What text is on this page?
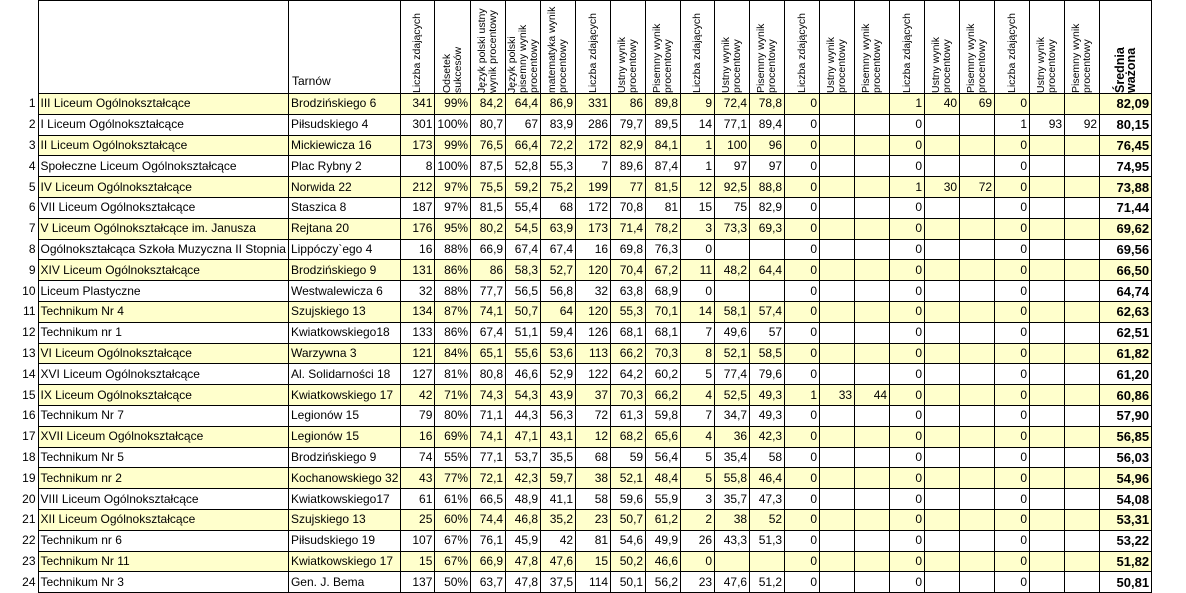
		Tarnów	Liczba zdających	Odsetek sukcesów	Język polski ustny wynik procentowy	Język polski pisemny wynik procentowy	matematyka wynik procentowy	Liczba zdających	Ustny wynik procentowy	Pisemny wynik procentowy	Liczba zdających	Ustny wynik procentowy	Pisemny wynik procentowy	Liczba zdających	Ustny wynik procentowy	Pisemny wynik procentowy	Liczba zdających	Ustny wynik procentowy	Pisemny wynik procentowy	Liczba zdających	Ustny wynik procentowy	Pisemny wynik procentowy	Średnia ważona

1	III Liceum Ogólnokształcące	Brodzińskiego 6	341	99%	84,2	64,4	86,9	331	86	89,8	9	72,4	78,8	0			1	40	69	0			82,09
2	I Liceum Ogólnokształcące	Piłsudskiego 4	301	100%	80,7	67	83,9	286	79,7	89,5	14	77,1	89,4	0			0			1	93	92	80,15
3	II Liceum Ogólnokształcące	Mickiewicza 16	173	99%	76,5	66,4	72,2	172	82,9	84,1	1	100	96	0			0			0			76,45
4	Społeczne Liceum Ogólnokształcące	Plac Rybny 2	8	100%	87,5	52,8	55,3	7	89,6	87,4	1	97	97	0			0			0			74,95
5	IV Liceum Ogólnokształcące	Norwida 22	212	97%	75,5	59,2	75,2	199	77	81,5	12	92,5	88,8	0			1	30	72	0			73,88
6	VII Liceum Ogólnokształcące	Staszica 8	187	97%	81,5	55,4	68	172	70,8	81	15	75	82,9	0			0			0			71,44
7	V Liceum Ogólnokształcące im. Janusza	Rejtana 20	176	95%	80,2	54,5	63,9	173	71,4	78,2	3	73,3	69,3	0			0			0			69,62
8	Ogólnokształcąca Szkoła Muzyczna II Stopnia	Lippóczy`ego 4	16	88%	66,9	67,4	67,4	16	69,8	76,3	0			0			0			0			69,56
9	XIV Liceum Ogólnokształcące	Brodzińskiego 9	131	86%	86	58,3	52,7	120	70,4	67,2	11	48,2	64,4	0			0			0			66,50
10	Liceum Plastyczne	Westwalewicza 6	32	88%	77,7	56,5	56,8	32	63,8	68,9	0			0			0			0			64,74
11	Technikum Nr 4	Szujskiego 13	134	87%	74,1	50,7	64	120	55,3	70,1	14	58,1	57,4	0			0			0			62,63
12	Technikum nr 1	Kwiatkowskiego18	133	86%	67,4	51,1	59,4	126	68,1	68,1	7	49,6	57	0			0			0			62,51
13	VI Liceum Ogólnokształcące	Warzywna 3	121	84%	65,1	55,6	53,6	113	66,2	70,3	8	52,1	58,5	0			0			0			61,82
14	XVI Liceum Ogólnokształcące	Al. Solidarności 18	127	81%	80,8	46,6	52,9	122	64,2	60,2	5	77,4	79,6	0			0			0			61,20
15	IX Liceum Ogólnokształcące	Kwiatkowskiego 17	42	71%	74,3	54,3	43,9	37	70,3	66,2	4	52,5	49,3	1	33	44	0			0			60,86
16	Technikum Nr 7	Legionów 15	79	80%	71,1	44,3	56,3	72	61,3	59,8	7	34,7	49,3	0			0			0			57,90
17	XVII Liceum Ogólnokształcące	Legionów 15	16	69%	74,1	47,1	43,1	12	68,2	65,6	4	36	42,3	0			0			0			56,85
18	Technikum Nr 5	Brodzińskiego 9	74	55%	77,1	53,7	35,5	68	59	56,4	5	35,4	58	0			0			0			56,03
19	Technikum nr 2	Kochanowskiego 32	43	77%	72,1	42,3	59,7	38	52,1	48,4	5	55,8	46,4	0			0			0			54,96
20	VIII Liceum Ogólnokształcące	Kwiatkowskiego17	61	61%	66,5	48,9	41,1	58	59,6	55,9	3	35,7	47,3	0			0			0			54,08
21	XII Liceum Ogólnokształcące	Szujskiego 13	25	60%	74,4	46,8	35,2	23	50,7	61,2	2	38	52	0			0			0			53,31
22	Technikum nr 6	Piłsudskiego 19	107	67%	76,1	45,9	42	81	54,6	49,9	26	43,3	51,3	0			0			0			53,22
23	Technikum Nr 11	Kwiatkowskiego 17	15	67%	66,9	47,8	47,6	15	50,2	46,6	0			0			0			0			51,82
24	Technikum Nr 3	Gen. J. Bema	137	50%	63,7	47,8	37,5	114	50,1	56,2	23	47,6	51,2	0			0			0			50,81
